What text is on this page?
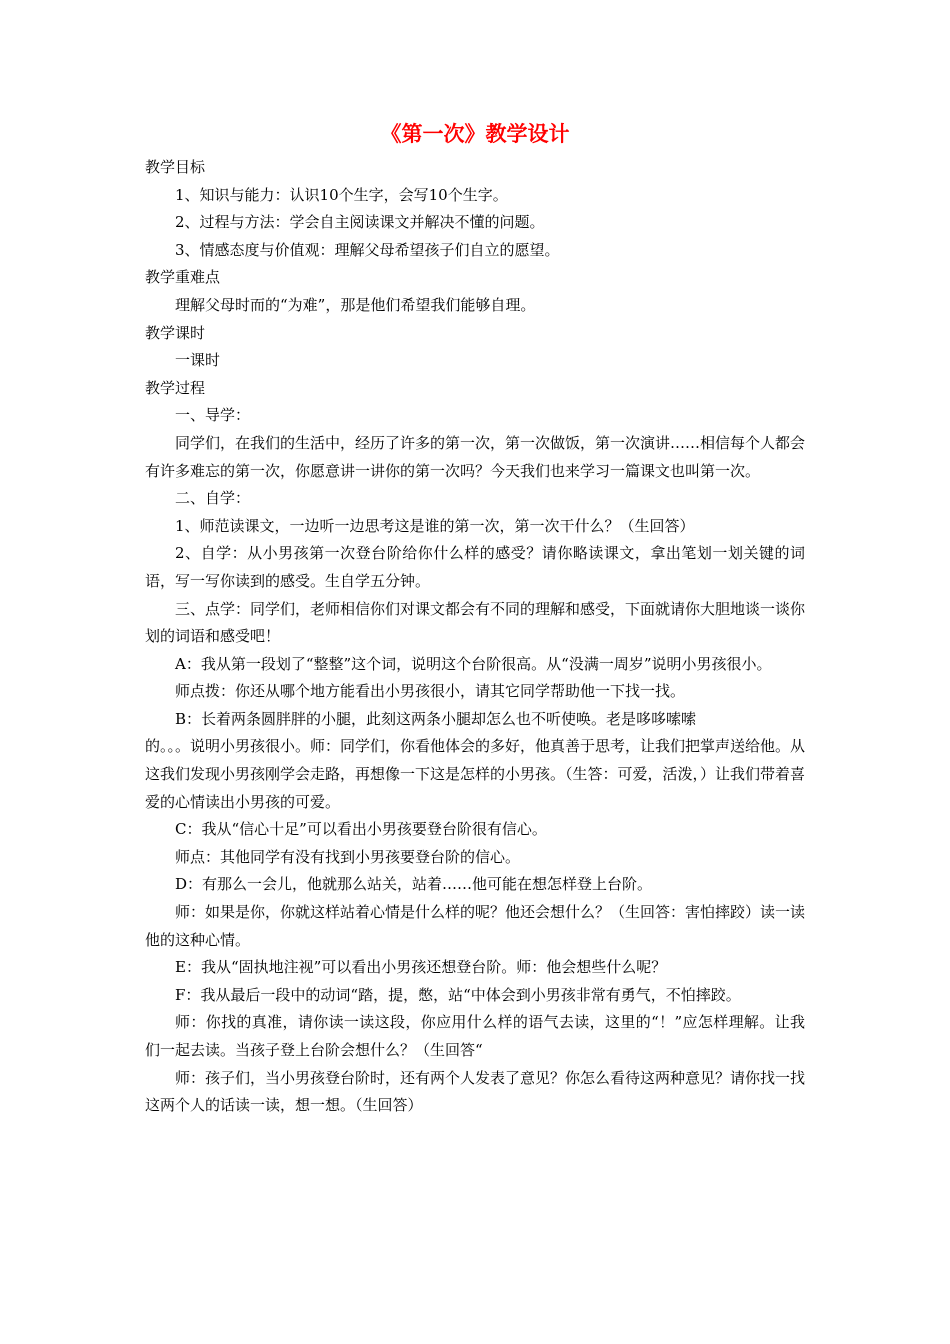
《第一次》教学设计

教学目标

1、知识与能力：认识10个生字，会写10个生字。

2、过程与方法：学会自主阅读课文并解决不懂的问题。

3、情感态度与价值观：理解父母希望孩子们自立的愿望。

教学重难点

理解父母时而的“为难”，那是他们希望我们能够自理。

教学课时

一课时

教学过程

一、导学：

同学们，在我们的生活中，经历了许多的第一次，第一次做饭，第一次演讲……相信每个人都会有许多难忘的第一次，你愿意讲一讲你的第一次吗？今天我们也来学习一篇课文也叫第一次。

二、自学：

1、师范读课文，一边听一边思考这是谁的第一次，第一次干什么？（生回答）

2、自学：从小男孩第一次登台阶给你什么样的感受？请你略读课文，拿出笔划一划关键的词语，写一写你读到的感受。生自学五分钟。

三、点学：同学们，老师相信你们对课文都会有不同的理解和感受，下面就请你大胆地谈一谈你划的词语和感受吧！

A：我从第一段划了“整整”这个词，说明这个台阶很高。从“没满一周岁”说明小男孩很小。

师点拨：你还从哪个地方能看出小男孩很小，请其它同学帮助他一下找一找。

B：长着两条圆胖胖的小腿，此刻这两条小腿却怎么也不听使唤。老是哆哆嗦嗦

的。。。说明小男孩很小。师：同学们，你看他体会的多好，他真善于思考，让我们把掌声送给他。从这我们发现小男孩刚学会走路，再想像一下这是怎样的小男孩。（生答：可爱，活泼，）让我们带着喜爱的心情读出小男孩的可爱。

C：我从“信心十足”可以看出小男孩要登台阶很有信心。

师点：其他同学有没有找到小男孩要登台阶的信心。

D：有那么一会儿，他就那么站关，站着……他可能在想怎样登上台阶。

师：如果是你，你就这样站着心情是什么样的呢？他还会想什么？（生回答：害怕摔跤）读一读他的这种心情。

E：我从“固执地注视”可以看出小男孩还想登台阶。师：他会想些什么呢？

F：我从最后一段中的动词“踏，提，憋，站“中体会到小男孩非常有勇气，不怕摔跤。

师：你找的真准，请你读一读这段，你应用什么样的语气去读，这里的“！”应怎样理解。让我们一起去读。当孩子登上台阶会想什么？（生回答“

师：孩子们，当小男孩登台阶时，还有两个人发表了意见？你怎么看待这两种意见？请你找一找这两个人的话读一读，想一想。（生回答）
